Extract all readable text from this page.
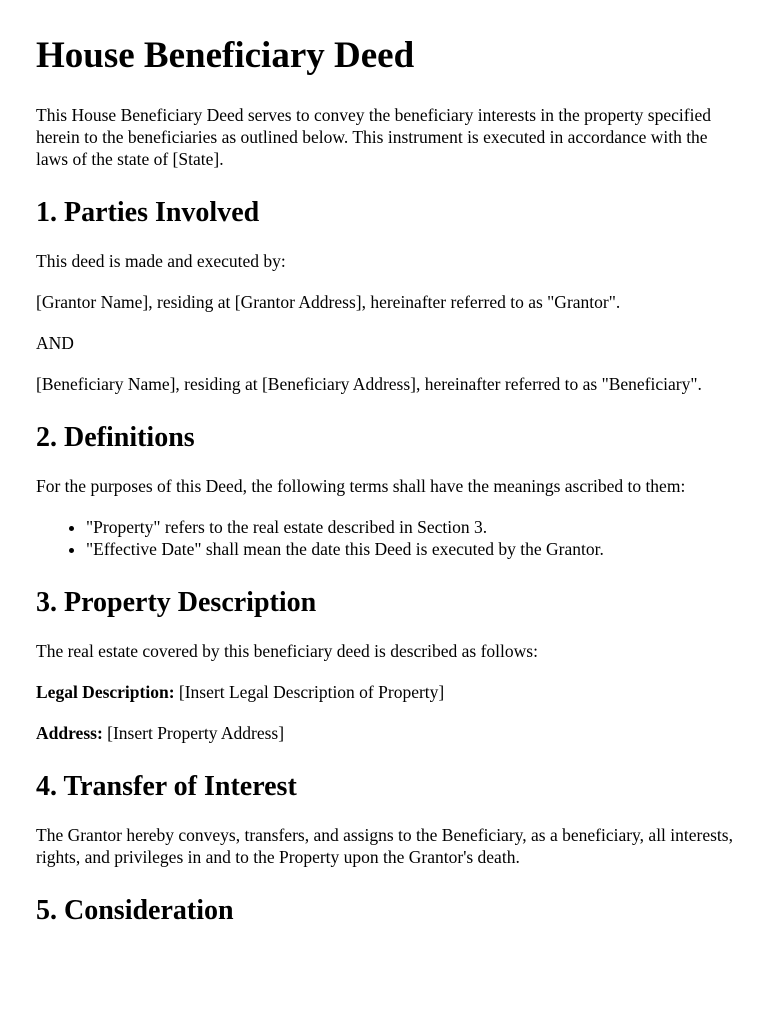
House Beneficiary Deed

This House Beneficiary Deed serves to convey the beneficiary interests in the property specified herein to the beneficiaries as outlined below. This instrument is executed in accordance with the laws of the state of [State].

1. Parties Involved

This deed is made and executed by:

[Grantor Name], residing at [Grantor Address], hereinafter referred to as "Grantor".

AND

[Beneficiary Name], residing at [Beneficiary Address], hereinafter referred to as "Beneficiary".

2. Definitions

For the purposes of this Deed, the following terms shall have the meanings ascribed to them:

• "Property" refers to the real estate described in Section 3.
• "Effective Date" shall mean the date this Deed is executed by the Grantor.
3. Property Description

The real estate covered by this beneficiary deed is described as follows:

Legal Description: [Insert Legal Description of Property]

Address: [Insert Property Address]

4. Transfer of Interest

The Grantor hereby conveys, transfers, and assigns to the Beneficiary, as a beneficiary, all interests, rights, and privileges in and to the Property upon the Grantor's death.

5. Consideration
